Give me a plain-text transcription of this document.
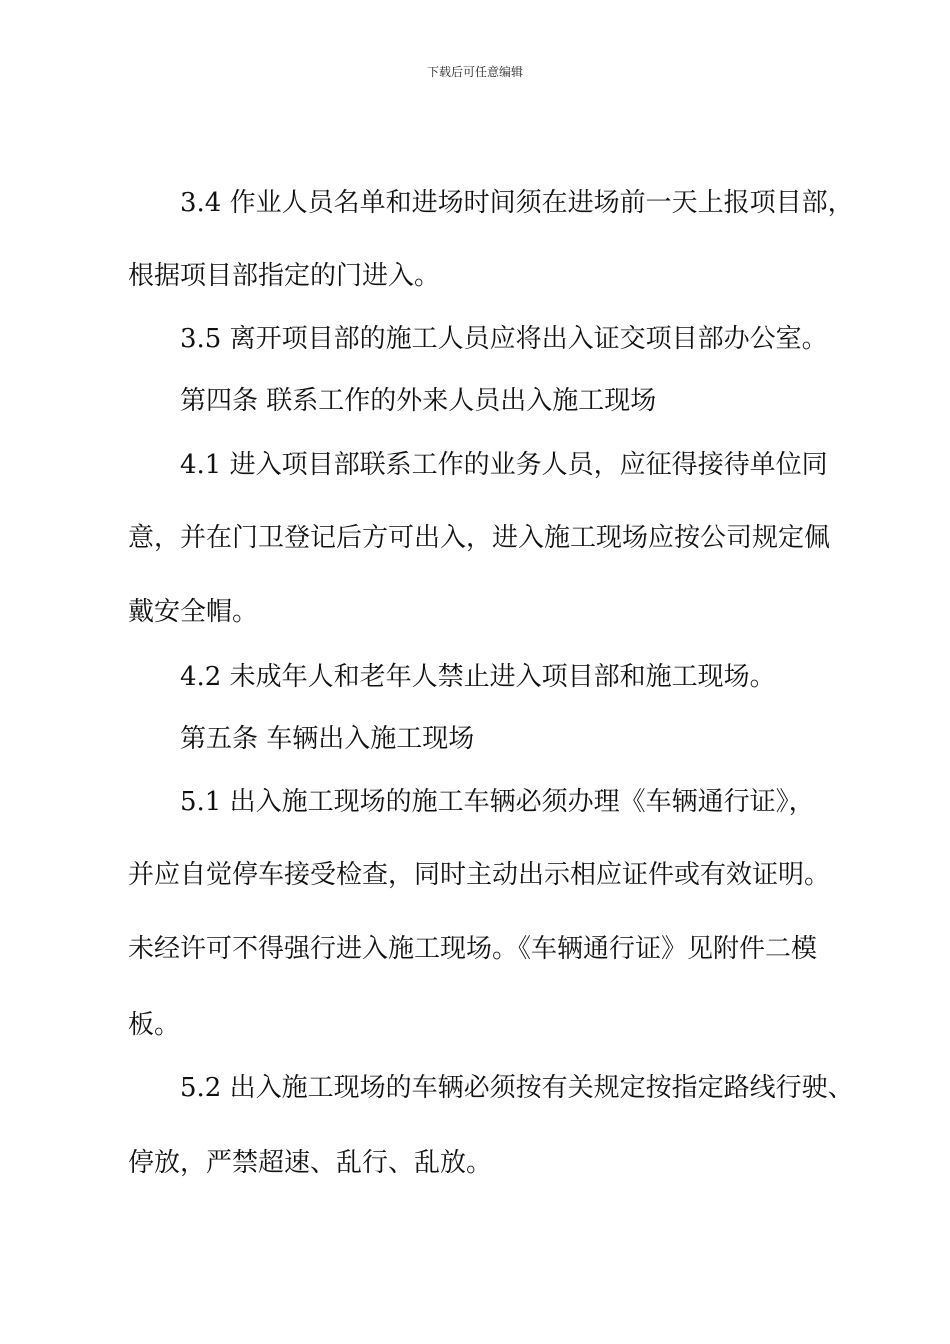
下载后可任意编辑
3.4 作业人员名单和进场时间须在进场前一天上报项目部，
根据项目部指定的门进入。
3.5 离开项目部的施工人员应将出入证交项目部办公室。
第四条 联系工作的外来人员出入施工现场
4.1 进入项目部联系工作的业务人员，应征得接待单位同
意，并在门卫登记后方可出入，进入施工现场应按公司规定佩
戴安全帽。
4.2 未成年人和老年人禁止进入项目部和施工现场。
第五条 车辆出入施工现场
5.1 出入施工现场的施工车辆必须办理《车辆通行证》，
并应自觉停车接受检查，同时主动出示相应证件或有效证明。
未经许可不得强行进入施工现场。《车辆通行证》见附件二模
板。
5.2 出入施工现场的车辆必须按有关规定按指定路线行驶、
停放，严禁超速、乱行、乱放。
